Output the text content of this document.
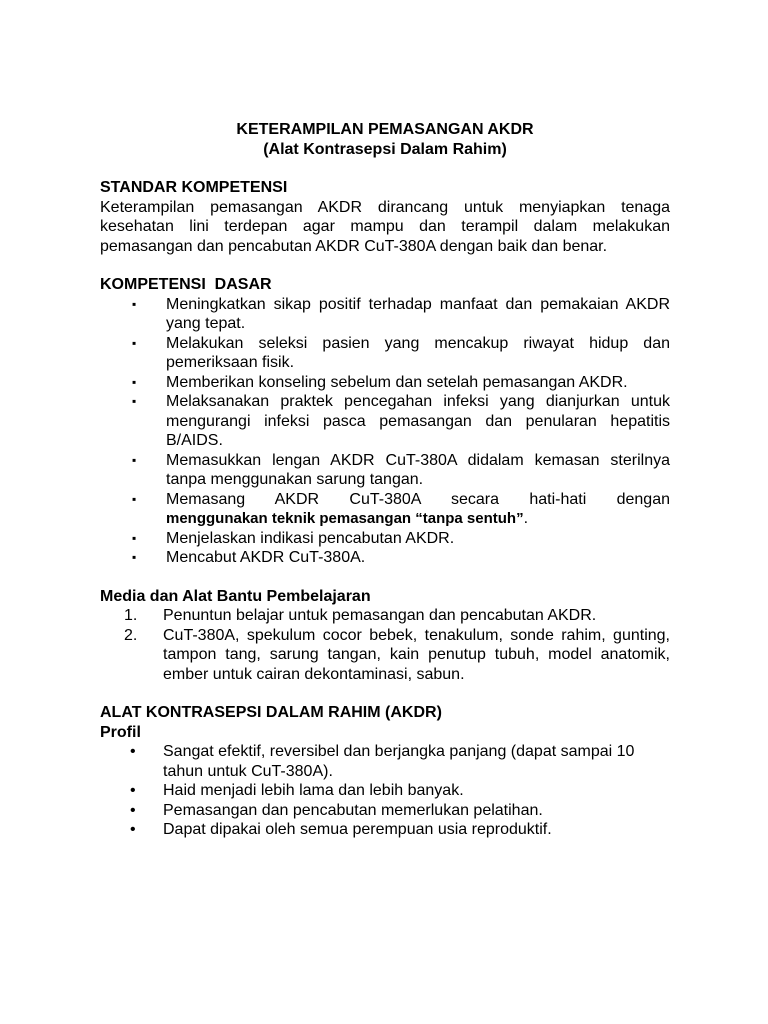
KETERAMPILAN PEMASANGAN AKDR

(Alat Kontrasepsi Dalam Rahim)

STANDAR KOMPETENSI

Keterampilan pemasangan AKDR dirancang untuk menyiapkan tenaga kesehatan lini terdepan agar mampu dan terampil dalam melakukan pemasangan dan pencabutan AKDR CuT-380A dengan baik dan benar.

KOMPETENSI  DASAR

▪ Meningkatkan sikap positif terhadap manfaat dan pemakaian AKDR yang tepat.
▪ Melakukan seleksi pasien yang mencakup riwayat hidup dan pemeriksaan fisik.
▪ Memberikan konseling sebelum dan setelah pemasangan AKDR.
▪ Melaksanakan praktek pencegahan infeksi yang dianjurkan untuk mengurangi infeksi pasca pemasangan dan penularan hepatitis B/AIDS.
▪ Memasukkan lengan AKDR CuT-380A didalam kemasan sterilnya tanpa menggunakan sarung tangan.
▪ Memasang AKDR CuT-380A secara hati-hati dengan
menggunakan teknik pemasangan “tanpa sentuh”.
▪ Menjelaskan indikasi pencabutan AKDR.
▪ Mencabut AKDR CuT-380A.

Media dan Alat Bantu Pembelajaran

1. Penuntun belajar untuk pemasangan dan pencabutan AKDR.
2. CuT-380A, spekulum cocor bebek, tenakulum, sonde rahim, gunting, tampon tang, sarung tangan, kain penutup tubuh, model anatomik, ember untuk cairan dekontaminasi, sabun.

ALAT KONTRASEPSI DALAM RAHIM (AKDR)

Profil

• Sangat efektif, reversibel dan berjangka panjang (dapat sampai 10 tahun untuk CuT-380A).
• Haid menjadi lebih lama dan lebih banyak.
• Pemasangan dan pencabutan memerlukan pelatihan.
• Dapat dipakai oleh semua perempuan usia reproduktif.
